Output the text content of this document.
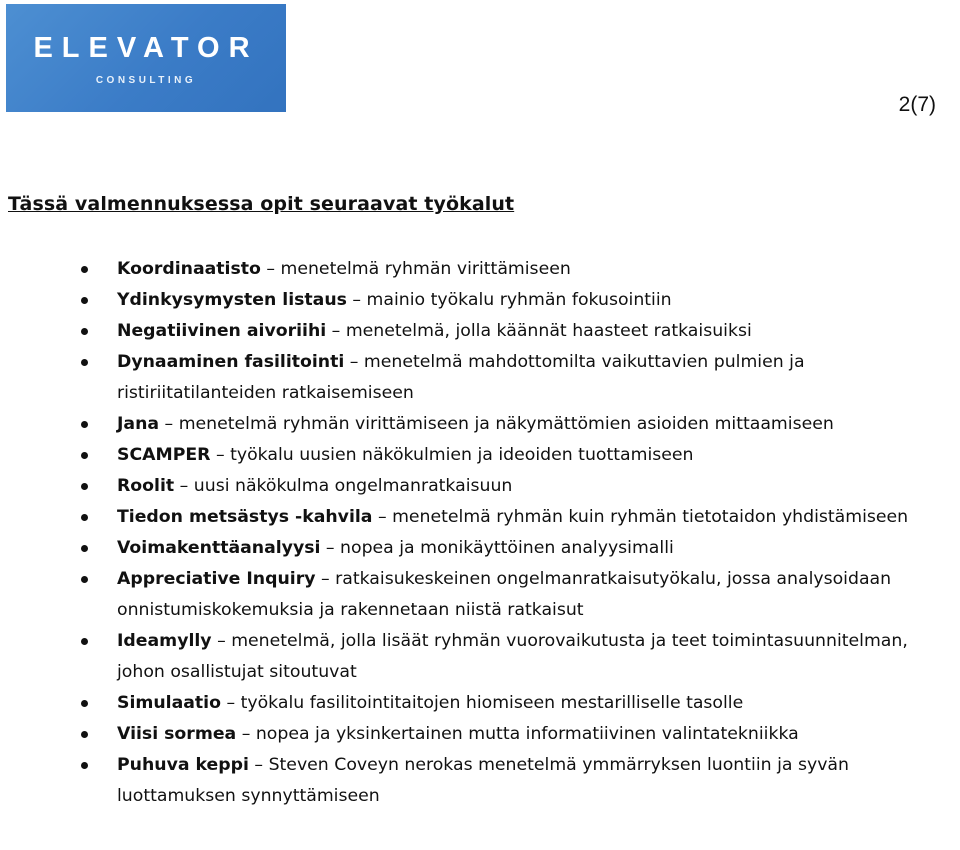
ELEVATOR
CONSULTING
2(7)
Tässä valmennuksessa opit seuraavat työkalut
Koordinaatisto – menetelmä ryhmän virittämiseen
Ydinkysymysten listaus – mainio työkalu ryhmän fokusointiin
Negatiivinen aivoriihi – menetelmä, jolla käännät haasteet ratkaisuiksi
Dynaaminen fasilitointi – menetelmä mahdottomilta vaikuttavien pulmien ja ristiriitatilanteiden ratkaisemiseen
Jana – menetelmä ryhmän virittämiseen ja näkymättömien asioiden mittaamiseen
SCAMPER – työkalu uusien näkökulmien ja ideoiden tuottamiseen
Roolit – uusi näkökulma ongelmanratkaisuun
Tiedon metsästys -kahvila – menetelmä ryhmän kuin ryhmän tietotaidon yhdistämiseen
Voimakenttäanalyysi – nopea ja monikäyttöinen analyysimalli
Appreciative Inquiry – ratkaisukeskeinen ongelmanratkaisutyökalu, jossa analysoidaan onnistumiskokemuksia ja rakennetaan niistä ratkaisut
Ideamylly – menetelmä, jolla lisäät ryhmän vuorovaikutusta ja teet toimintasuunnitelman, johon osallistujat sitoutuvat
Simulaatio – työkalu fasilitointitaitojen hiomiseen mestarilliselle tasolle
Viisi sormea – nopea ja yksinkertainen mutta informatiivinen valintatekniikka
Puhuva keppi – Steven Coveyn nerokas menetelmä ymmärryksen luontiin ja syvän luottamuksen synnyttämiseen
